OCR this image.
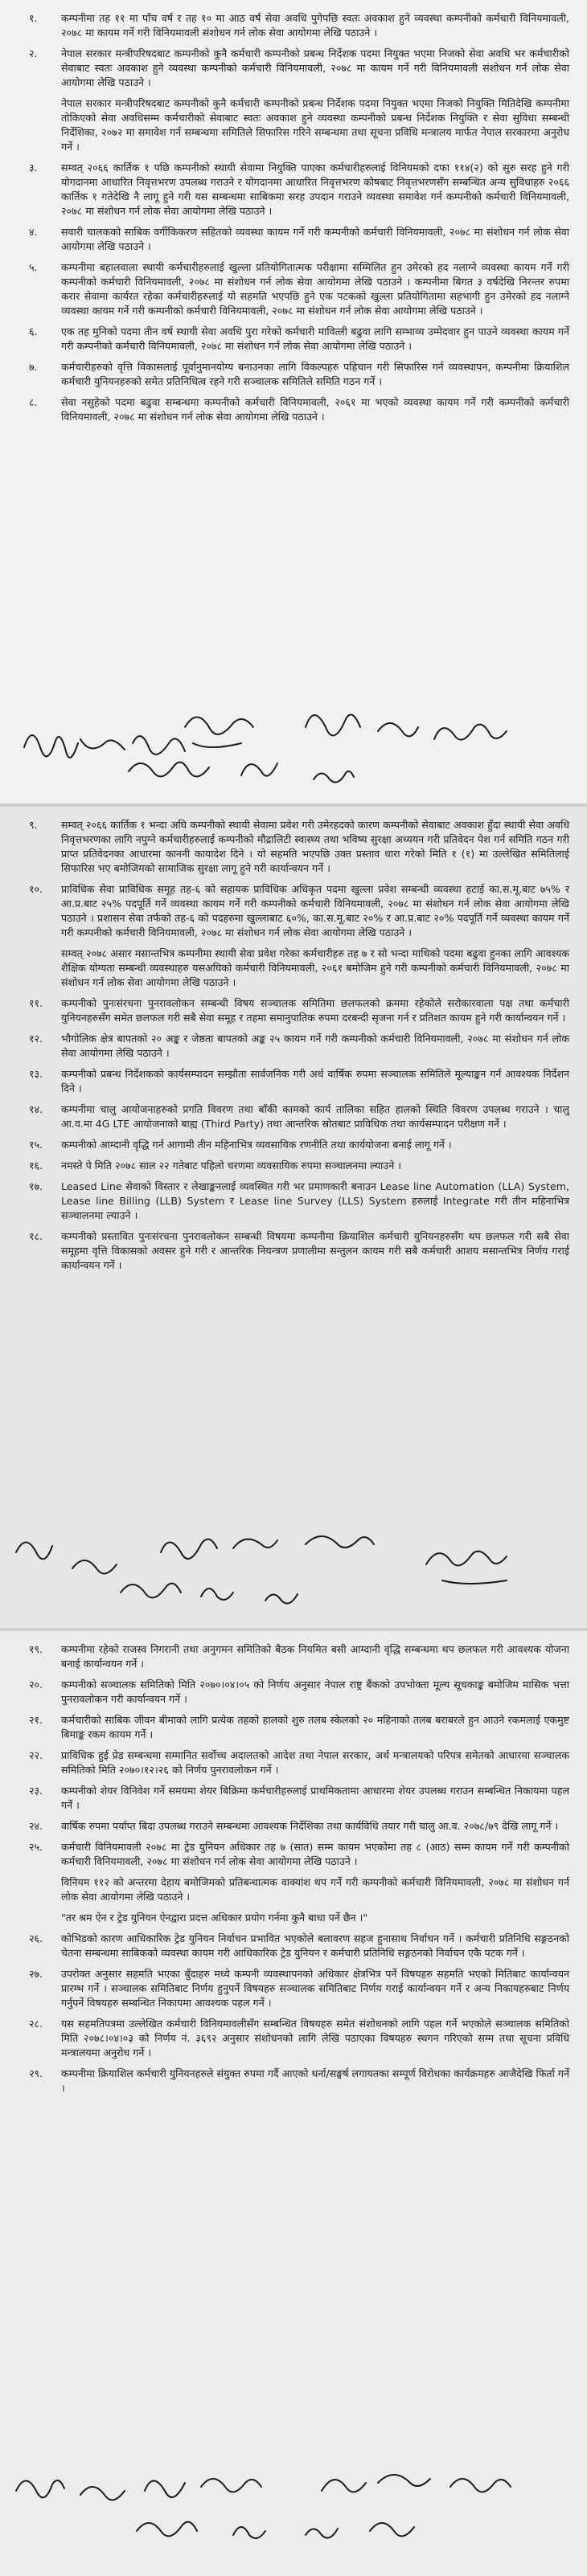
१.	कम्पनीमा तह ११ मा पाँच वर्ष र तह १० मा आठ वर्ष सेवा अवधि पुगेपछि स्वतः अवकाश हुने व्यवस्था कम्पनीको कर्मचारी विनियमावली, २०७८ मा कायम गर्ने गरी विनियमावली संशोधन गर्न लोक सेवा आयोगमा लेखि पठाउने ।
२.	नेपाल सरकार मन्त्रीपरिषदबाट कम्पनीको कुनै कर्मचारी कम्पनीको प्रबन्ध निर्देशक पदमा नियुक्त भएमा निजको सेवा अवधि भर कर्मचारीको सेवाबाट स्वतः अवकाश हुने व्यवस्था कम्पनीको कर्मचारी विनियमावली, २०७८ मा कायम गर्ने गरी विनियमावली संशोधन गर्न लोक सेवा आयोगमा लेखि पठाउने ।
नेपाल सरकार मन्त्रीपरिषदबाट कम्पनीको कुनै कर्मचारी कम्पनीको प्रबन्ध निर्देशक पदमा नियुक्त भएमा निजको नियुक्ति मितिदेखि कम्पनीमा तोकिएको सेवा अवधिसम्म कर्मचारीको सेवाबाट स्वतः अवकाश हुने व्यवस्था कम्पनीको प्रबन्ध निर्देशक नियुक्ति र सेवा सुविधा सम्बन्धी निर्देशिका, २०७२ मा समावेश गर्न सम्बन्धमा समितिले सिफारिस गरिने सम्बन्धमा तथा सूचना प्रविधि मन्त्रालय मार्फत नेपाल सरकारमा अनुरोध गर्ने ।
३.	सम्वत् २०६६ कार्तिक १ पछि कम्पनीको स्थायी सेवामा नियुक्ति पाएका कर्मचारीहरुलाई विनियमको दफा ११४(२) को सुरु सरह हुने गरी योगदानमा आधारित निवृत्तभरण उपलब्ध गराउने र योगदानमा आधारित निवृत्तभरण कोषबाट निवृत्तभरणसँग सम्बन्धित अन्य सुविधाहरु २०६६ कार्तिक १ गतेदेखि नै लागू हुने गरी यस सम्बन्धमा साबिकमा सरह उपदान गराउने व्यवस्था समावेश गर्न कम्पनीको कर्मचारी विनियमावली, २०७८ मा संशोधन गर्न लोक सेवा आयोगमा लेखि पठाउने ।
४.	सवारी चालकको साबिक वर्गीकिकरण सहितको व्यवस्था कायम गर्ने गरी कम्पनीको कर्मचारी विनियमावली, २०७८ मा संशोधन गर्न लोक सेवा आयोगमा लेखि पठाउने ।
५.	कम्पनीमा बहालवाला स्थायी कर्मचारीहरुलाई खुल्ला प्रतियोगितात्मक परीक्षामा सम्मिलित हुन उमेरको हद नलाग्ने व्यवस्था कायम गर्ने गरी कम्पनीको कर्मचारी विनियमावली, २०७८ मा संशोधन गर्न लोक सेवा आयोगमा लेखि पठाउने । कम्पनीमा बिगत ३ वर्षदेखि निरन्तर रुपमा करार सेवामा कार्यरत रहेका कर्मचारीहरुलाई यो सहमति भएपछि हुने एक पटकको खुल्ला प्रतियोगितामा सहभागी हुन उमेरको हद नलाग्ने व्यवस्था कायम गर्ने गरी कम्पनीको कर्मचारी विनियमावली, २०७८ मा संशोधन गर्न लोक सेवा आयोगमा लेखि पठाउने ।
६.	एक तह मुनिको पदमा तीन वर्ष स्थायी सेवा अवधि पुरा गरेको कर्मचारी मावित्ली बढुवा लागि सम्भाव्य उम्मेदवार हुन पाउने व्यवस्था कायम गर्ने गरी कम्पनीको कर्मचारी विनियमावली, २०७८ मा संशोधन गर्न लोक सेवा आयोगमा लेखि पठाउने ।
७.	कर्मचारीहरुको वृत्ति विकासलाई पूर्वानुमानयोग्य बनाउनका लागि विकल्पहरु पहिचान गरी सिफारिस गर्न व्यवस्थापन, कम्पनीमा क्रियाशिल कर्मचारी युनियनहरुको समेत प्रतिनिधित्व रहने गरी सञ्चालक समितिले समिति गठन गर्ने ।
८.	सेवा नसुहेको पदमा बढुवा सम्बन्धमा कम्पनीको कर्मचारी विनियमावली, २०६१ मा भएको व्यवस्था कायम गर्ने गरी कम्पनीको कर्मचारी विनियमावली, २०७८ मा संशोधन गर्न लोक सेवा आयोगमा लेखि पठाउने ।
९.	सम्वत् २०६६ कार्तिक १ भन्दा अघि कम्पनीको स्थायी सेवामा प्रवेश गरी उमेरहदको कारण कम्पनीको सेवाबाट अवकाश हुँदा स्थायी सेवा अवधि निवृत्तभरणका लागि नपुग्ने कर्मचारीहरुलाई कम्पनीको मौद्रालिटी स्वास्थ्य तथा भविष्य सुरक्षा अध्ययन गरी प्रतिवेदन पेश गर्न समिति गठन गरी प्राप्त प्रतिवेदनका आधारमा काननी कायादेश दिने । यो सहमति भएपछि उक्त प्रस्ताव धारा गरेको मिति १ (१) मा उल्लेखित समितिलाई सिफारिस भए बमोजिमको सामाजिक सुरक्षा लागू हुने गरी कार्यान्वयन गर्ने ।
१०.	प्राविधिक सेवा प्राविधिक समूह तह-६ को सहायक प्राविधिक अधिकृत पदमा खुल्ला प्रवेश सम्बन्धी व्यवस्था हटाई का.स.मू.बाट ७५% र आ.प्र.बाट २५% पदपूर्ति गर्ने व्यवस्था कायम गर्ने गरी कम्पनीको कर्मचारी विनियमावली, २०७८ मा संशोधन गर्न लोक सेवा आयोगमा लेखि पठाउने । प्रशासन सेवा तर्फको तह-६ को पदहरुमा खुल्लाबाट ६०%, का.स.मू.बाट २०% र आ.प्र.बाट २०% पदपूर्ति गर्ने व्यवस्था कायम गर्ने गरी कम्पनीको कर्मचारी विनियमावली, २०७८ मा संशोधन गर्न लोक सेवा आयोगमा लेखि पठाउने ।
सम्वत् २०७८ असार मसान्तभित्र कम्पनीमा स्थायी सेवा प्रवेश गरेका कर्मचारीहरु तह ७ र सो भन्दा माथिको पदमा बढुवा हुनका लागि आवश्यक शैक्षिक योग्यता सम्बन्धी व्यवस्थाहरु यसअघिको कर्मचारी विनियमावली, २०६१ बमोजिम हुने गरी कम्पनीको कर्मचारी विनियमावली, २०७८ मा संशोधन गर्न लोक सेवा आयोगमा लेखि पठाउने ।
११.	कम्पनीको पुनःसंरचना पुनरावलोकन सम्बन्धी विषय सञ्चालक समितिमा छलफलको क्रममा रहेकोले सरोकारवाला पक्ष तथा कर्मचारी युनियनहरुसँग समेत छलफल गरी सबै सेवा समूह र तहमा समानुपातिक रुपमा दरबन्दी सृजना गर्न र प्रतिशत कायम हुने गरी कार्यान्वयन गर्ने ।
१२.	भौगोलिक क्षेत्र बापतको २० अङ्क र जेष्ठता बापतको अङ्क २५ कायम गर्ने गरी कम्पनीको कर्मचारी विनियमावली, २०७८ मा संशोधन गर्न लोक सेवा आयोगमा लेखि पठाउने ।
१३.	कम्पनीको प्रबन्ध निर्देशकको कार्यसम्पादन सम्झौता सार्वजनिक गरी अर्ध वार्षिक रुपमा सञ्चालक समितिले मूल्याङ्कन गर्न आवश्यक निर्देशन दिने ।
१४.	कम्पनीमा चालु आयोजनाहरुको प्रगति विवरण तथा बाँकी कामको कार्य तालिका सहित हालको स्थिति विवरण उपलब्ध गराउने । चालु आ.व.मा 4G LTE आयोजनाको बाह्य (Third Party) तथा आन्तरिक स्रोतबाट प्राविधिक तथा कार्यसम्पादन परीक्षण गर्ने ।
१५.	कम्पनीको आम्दानी वृद्धि गर्न आगामी तीन महिनाभित्र व्यवसायिक रणनीति तथा कार्ययोजना बनाई लागू गर्ने ।
१६.	नमस्ते पे मिति २०७८ साल २२ गतेबाट पहिलो चरणमा व्यवसायिक रुपमा सञ्चालनमा ल्याउने ।
१७.	Leased Line सेवाको विस्तार र लेखाङ्कनलाई व्यवस्थित गरी भर प्रमाणकारी बनाउन Lease line Automation (LLA) System, Lease line Billing (LLB) System र Lease line Survey (LLS) System हरुलाई Integrate गरी तीन महिनाभित्र सञ्चालनमा ल्याउने ।
१८.	कम्पनीको प्रस्तावित पुनःसंरचना पुनरावलोकन सम्बन्धी विषयमा कम्पनीमा क्रियाशिल कर्मचारी युनियनहरुसँग थप छलफल गरी सबै सेवा समूहमा वृत्ति विकासको अवसर हुने गरी र आन्तरिक नियन्त्रण प्रणालीमा सन्तुलन कायम गरी सबै कर्मचारी आशय मसान्तभित्र निर्णय गराई कार्यान्वयन गर्ने ।
१९.	कम्पनीमा रहेको राजस्व निगरानी तथा अनुगमन समितिको बैठक नियमित बसी आम्दानी वृद्धि सम्बन्धमा थप छलफल गरी आवश्यक योजना बनाई कार्यान्वयन गर्ने ।
२०.	कम्पनीको सञ्चालक समितिको मिति २०७०।०४।०५ को निर्णय अनुसार नेपाल राष्ट्र बैंकको उपभोक्ता मूल्य सूचकाङ्क बमोजिम मासिक भत्ता पुनरावलोकन गरी कार्यान्वयन गर्ने ।
२१.	कर्मचारीको साबिक जीवन बीमाको लागि प्रत्येक तहको हालको शुरु तलब स्केलको २० महिनाको तलब बराबरले हुन आउने रकमलाई एकमुष्ट बिमाङ्क रकम कायम गर्ने ।
२२.	प्राविधिक हुई प्रेड सम्बन्धमा सम्मानित सर्वोच्च अदालतको आदेश तथा नेपाल सरकार, अर्थ मन्त्रालयको परिपत्र समेतको आधारमा सञ्चालक समितिको मिति २०७०।१२।२६ को निर्णय पुनरावलोकन गर्ने ।
२३.	कम्पनीको शेयर विनिवेश गर्ने समयमा शेयर बिक्रिमा कर्मचारीहरुलाई प्राथमिकतामा आधारमा शेयर उपलब्ध गराउन सम्बन्धित निकायमा पहल गर्ने ।
२४.	वार्षिक रुपमा पर्याप्त बिदा उपलब्ध गराउने सम्बन्धमा आवश्यक निर्देशिका तथा कार्यविधि तयार गरी चालु आ.व. २०७८/७९ देखि लागू गर्ने ।
२५.	कर्मचारी विनियमावली २०७८ मा ट्रेड युनियन अधिकार तह ७ (सात) सम्म कायम भएकोमा तह ८ (आठ) सम्म कायम गर्ने गरी कम्पनीको कर्मचारी विनियमावली, २०७८ मा संशोधन गर्न लोक सेवा आयोगमा लेखि पठाउने ।
विनियम ११२ को अन्तरमा देहाय बमोजिमको प्रतिबन्धात्मक वाक्यांश थप गर्ने गरी कम्पनीको कर्मचारी विनियमावली, २०७८ मा संशोधन गर्न लोक सेवा आयोगमा लेखि पठाउने ।
"तर श्रम ऐन र ट्रेड युनियन ऐनद्वारा प्रदत्त अधिकार प्रयोग गर्नमा कुनै बाधा पर्ने छैन ।"
२६.	कोभिडको कारण आधिकारिक ट्रेड युनियन निर्वाचन प्रभावित भएकोले बलावरण सहज हुनासाथ निर्वाचन गर्ने । कर्मचारी प्रतिनिधि सङ्गठनको चेतना सम्बन्धमा साबिकको व्यवस्था कायम गरी आधिकारिक ट्रेड युनियन र कर्मचारी प्रतिनिधि सङ्गठनको निर्वाचन एकै पटक गर्ने ।
२७.	उपरोक्त अनुसार सहमति भएका बुँदाहरु मध्ये कम्पनी व्यवस्थापनको अधिकार क्षेत्रभित्र पर्ने विषयहरु सहमति भएको मितिबाट कार्यान्वयन प्रारम्भ गर्ने । सञ्चालक समितिबाट निर्णय हुनुपर्ने विषयहरु सञ्चालक समितिबाट निर्णय गराई कार्यान्वयन गर्ने र अन्य निकायहरुबाट निर्णय गर्नुपर्ने विषयहरु सम्बन्धित निकायमा आवश्यक पहल गर्ने ।
२८.	यस सहमतिपत्रमा उल्लेखित कर्मचारी विनियमावलीसँग सम्बन्धित विषयहरु समेत संशोधनको लागि पहल गर्ने भएकोले सञ्चालक समितिको मिति २०७८।०४।०३ को निर्णय नं. ३६९२ अनुसार संशोधनको लागि लेखि पठाएका विषयहरु स्थगन गरिएको सम्म तथा सूचना प्रविधि मन्त्रालयमा अनुरोध गर्ने ।
२९.	कम्पनीमा क्रियाशिल कर्मचारी युनियनहरुले संयुक्त रुपमा गर्दै आएको धर्ना/सङ्घर्ष लगायतका सम्पूर्ण विरोधका कार्यक्रमहरु आजैदेखि फिर्ता गर्ने ।
